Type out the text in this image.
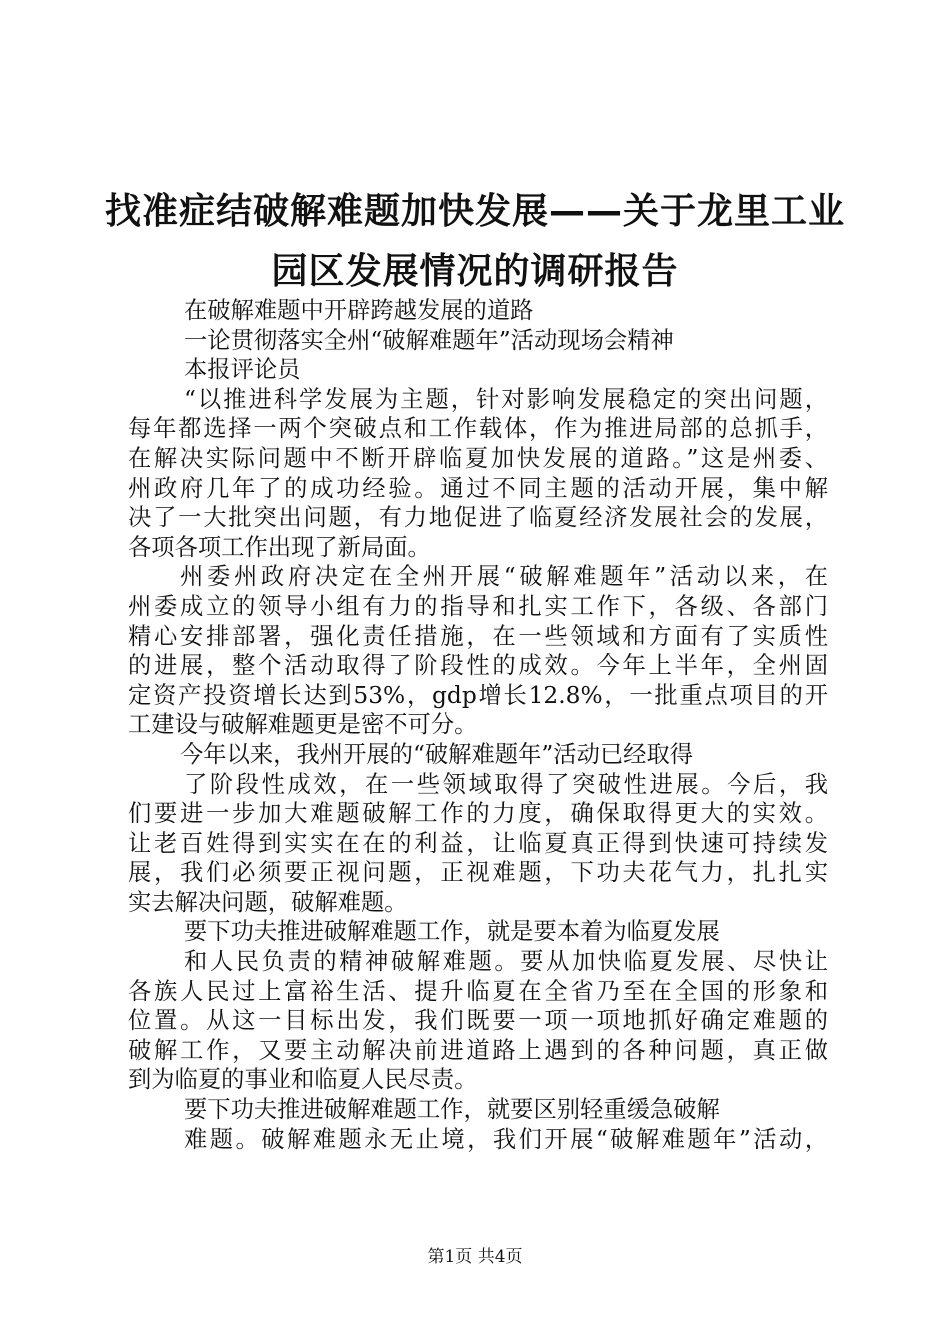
找准症结破解难题加快发展——关于龙里工业
园区发展情况的调研报告
在破解难题中开辟跨越发展的道路
一论贯彻落实全州“破解难题年”活动现场会精神
本报评论员
“以推进科学发展为主题，针对影响发展稳定的突出问题，
每年都选择一两个突破点和工作载体，作为推进局部的总抓手，
在解决实际问题中不断开辟临夏加快发展的道路。”这是州委、
州政府几年了的成功经验。通过不同主题的活动开展，集中解
决了一大批突出问题，有力地促进了临夏经济发展社会的发展，
各项各项工作出现了新局面。
州委州政府决定在全州开展“破解难题年”活动以来，在
州委成立的领导小组有力的指导和扎实工作下，各级、各部门
精心安排部署，强化责任措施，在一些领域和方面有了实质性
的进展，整个活动取得了阶段性的成效。今年上半年，全州固
定资产投资增长达到53%，gdp增长12.8%，一批重点项目的开
工建设与破解难题更是密不可分。
今年以来，我州开展的“破解难题年”活动已经取得
了阶段性成效，在一些领域取得了突破性进展。今后，我
们要进一步加大难题破解工作的力度，确保取得更大的实效。
让老百姓得到实实在在的利益，让临夏真正得到快速可持续发
展，我们必须要正视问题，正视难题，下功夫花气力，扎扎实
实去解决问题，破解难题。
要下功夫推进破解难题工作，就是要本着为临夏发展
和人民负责的精神破解难题。要从加快临夏发展、尽快让
各族人民过上富裕生活、提升临夏在全省乃至在全国的形象和
位置。从这一目标出发，我们既要一项一项地抓好确定难题的
破解工作，又要主动解决前进道路上遇到的各种问题，真正做
到为临夏的事业和临夏人民尽责。
要下功夫推进破解难题工作，就要区别轻重缓急破解
难题。破解难题永无止境，我们开展“破解难题年”活动，
第1页 共4页
